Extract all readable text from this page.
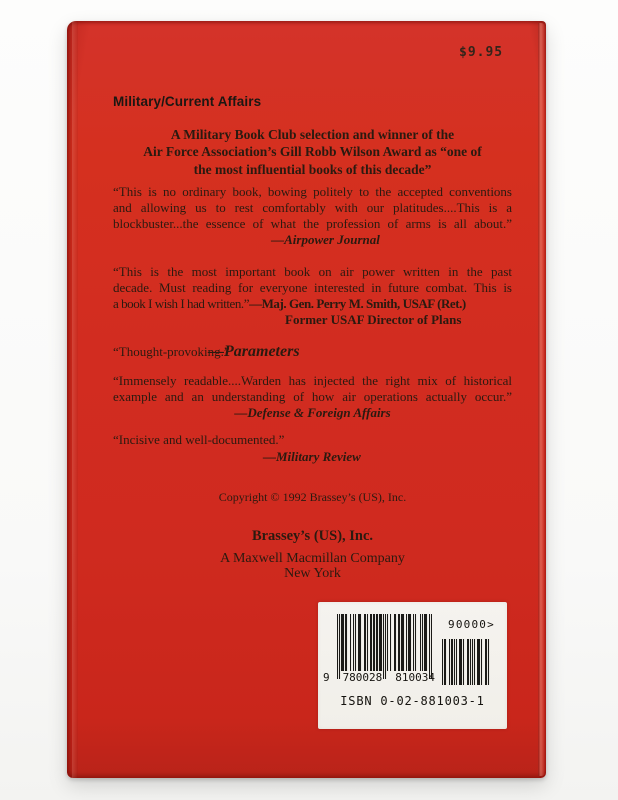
$9.95
Military/Current Affairs
A Military Book Club selection and winner of the
Air Force Association’s Gill Robb Wilson Award as “one of
the most influential books of this decade”
“This is no ordinary book, bowing politely to the accepted conventions
and allowing us to rest comfortably with our platitudes....This is a
blockbuster...the essence of what the profession of arms is all about.”
—Airpower Journal
“This is the most important book on air power written in the past
decade. Must reading for everyone interested in future combat. This is
a book I wish I had written.”—Maj. Gen. Perry M. Smith, USAF (Ret.)
Former USAF Director of Plans
“Thought-provoking.”
—Parameters
“Immensely readable....Warden has injected the right mix of historical
example and an understanding of how air operations actually occur.”
—Defense & Foreign Affairs
“Incisive and well-documented.”
—Military Review
Copyright © 1992 Brassey’s (US), Inc.
Brassey’s (US), Inc.
A Maxwell Macmillan Company
New York
90000>
9 780028 810034
ISBN 0-02-881003-1
